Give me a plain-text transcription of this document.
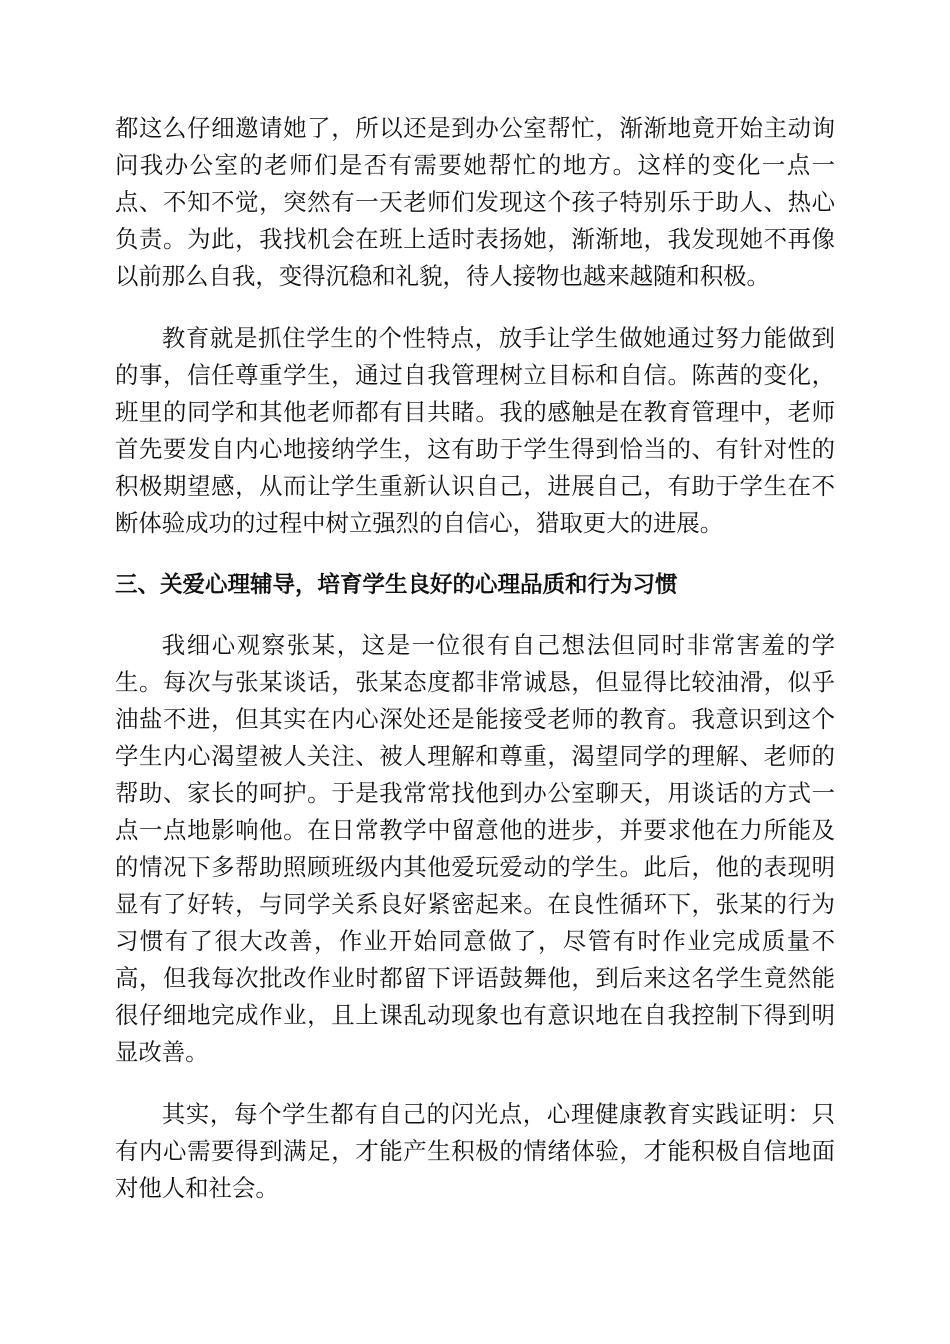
都这么仔细邀请她了，所以还是到办公室帮忙，渐渐地竟开始主动询问我办公室的老师们是否有需要她帮忙的地方。这样的变化一点一点、不知不觉，突然有一天老师们发现这个孩子特别乐于助人、热心负责。为此，我找机会在班上适时表扬她，渐渐地，我发现她不再像以前那么自我，变得沉稳和礼貌，待人接物也越来越随和积极。

教育就是抓住学生的个性特点，放手让学生做她通过努力能做到的事，信任尊重学生，通过自我管理树立目标和自信。陈茜的变化，班里的同学和其他老师都有目共睹。我的感触是在教育管理中，老师首先要发自内心地接纳学生，这有助于学生得到恰当的、有针对性的积极期望感，从而让学生重新认识自己，进展自己，有助于学生在不断体验成功的过程中树立强烈的自信心，猎取更大的进展。

三、关爱心理辅导，培育学生良好的心理品质和行为习惯

我细心观察张某，这是一位很有自己想法但同时非常害羞的学生。每次与张某谈话，张某态度都非常诚恳，但显得比较油滑，似乎油盐不进，但其实在内心深处还是能接受老师的教育。我意识到这个学生内心渴望被人关注、被人理解和尊重，渴望同学的理解、老师的帮助、家长的呵护。于是我常常找他到办公室聊天，用谈话的方式一点一点地影响他。在日常教学中留意他的进步，并要求他在力所能及的情况下多帮助照顾班级内其他爱玩爱动的学生。此后，他的表现明显有了好转，与同学关系良好紧密起来。在良性循环下，张某的行为习惯有了很大改善，作业开始同意做了，尽管有时作业完成质量不高，但我每次批改作业时都留下评语鼓舞他，到后来这名学生竟然能很仔细地完成作业，且上课乱动现象也有意识地在自我控制下得到明显改善。

其实，每个学生都有自己的闪光点，心理健康教育实践证明：只有内心需要得到满足，才能产生积极的情绪体验，才能积极自信地面对他人和社会。
